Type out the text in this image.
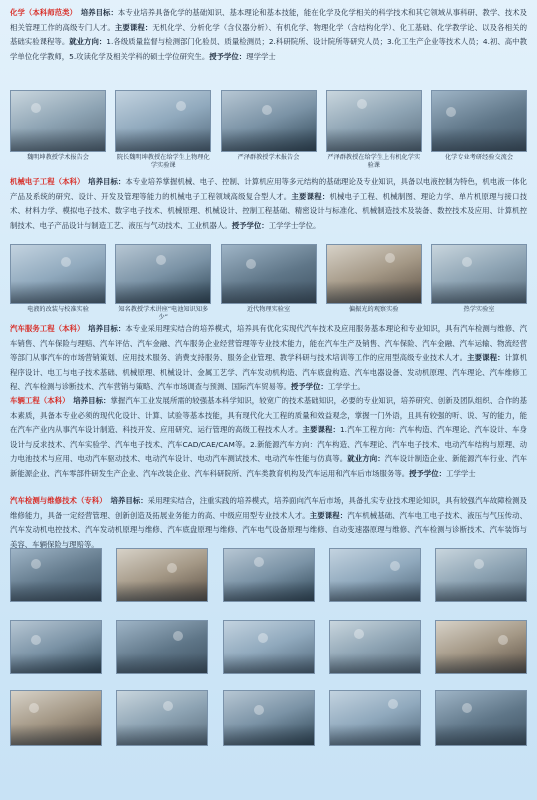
化学（本科师范类）　 培养目标：本专业培养具备化学的基础知识、基本理论和基本技能，能在化学及化学相关的科学技术和其它领域从事科研、教学、技术及相关管理工作的高级专门人才。主要课程：无机化学、分析化学（含仪器分析）、有机化学、物理化学（含结构化学）、化工基础、化学教学论、以及各相关的基础实验课程等。就业方向：1.各级质量监督与检测部门化验员、质量检测员；2.科研院所、设计院所等研究人员；3.化工生产企业等技术人员；4.初、高中教学单位化学教师，5.攻读化学及相关学科的硕士学位研究生。授予学位：理学学士

魏明坤教授学术报告会	院长魏明坤教授在给学生上物理化学实验课
严泽群教授学术报告会	严泽群教授在给学生上有机化学实验课
化学专业考研经验交流会

机械电子工程（本科）　 培养目标：本专业培养掌握机械、电子、控制、计算机应用等多元结构的基础理论及专业知识，具备以电液控制为特色，机电液一体化产品及系统的研究、设计、开发及管理等能力的机械电子工程领域高级复合型人才。主要课程：机械电子工程、机械制图、理论力学、单片机原理与接口技术、材料力学、模拟电子技术、数字电子技术、机械原理、机械设计、控制工程基础、精密设计与标准化、机械制造技术及装备、数控技术及应用、计算机控制技术、电子产品设计与制造工艺、液压与气动技术、工业机器人。授予学位：工学学士学位。

电液的改装与校准实验	知名教授学术讲座“电池知识知多少”
近代物理实验室	偏振光的观察实验	热学实验室

汽车服务工程（本科）　 培养目标：本专业采用理实结合的培养模式，培养具有优化实现代汽车技术及应用服务基本理论和专业知识，具有汽车检测与维修、汽车销售、汽车保险与理赔、汽车评估、汽车金融、汽车服务企业经营管理等专业技术能力，能在汽车生产及销售、汽车保险、汽车金融、汽车运输、物流经营等部门从事汽车的市场营销策划、应用技术服务、消费支持服务、服务企业管理、教学科研与技术培训等工作的应用型高级专业技术人才。主要课程：计算机程序设计、电工与电子技术基础、机械原理、机械设计、金属工艺学、汽车发动机构造、汽车底盘构造、汽车电器设备、发动机原理、汽车理论、汽车维修工程、汽车检测与诊断技术、汽车营销与策略、汽车市场调查与预测、国际汽车贸易等。授予学位：工学学士。

车辆工程（本科）　 培养目标：掌握汽车工业发展所需的较强基本科学知识，较宽广的技术基础知识，必要的专业知识，培养研究、创新及团队组织、合作的基本素质，具备本专业必须的现代化设计、计算、试验等基本技能，具有现代化大工程的质量和效益观念，掌握一门外语，且具有较强的听、说、写的能力，能在汽车产业内从事汽车设计制造、科技开发、应用研究、运行管理的高级工程技术人才。主要课程：1.汽车工程方向：汽车构造、汽车理论、汽车设计、车身设计与反求技术、汽车实验学、汽车电子技术、汽车CAD/CAE/CAM等。2.新能源汽车方向：汽车构造、汽车理论、汽车电子技术、电动汽车结构与原理、动力电池技术与应用、电动汽车驱动技术、电动汽车设计、电动汽车测试技术、电动汽车性能与仿真等。就业方向：汽车设计制造企业、新能源汽车行业、汽车新能源企业、汽车零部件研发生产企业、汽车改装企业、汽车科研院所、汽车类教育机构及汽车运用和汽车后市场服务等。授予学位：工学学士

汽车检测与维修技术（专科）　 培养目标：采用理实结合，注重实践的培养模式，培养面向汽车后市场，具备扎实专业技术理论知识，具有较强汽车故障检测及维修能力，具备一定经营管理、创新创造及拓展业务能力的高、中级应用型专业技术人才。主要课程：汽车机械基础、汽车电工电子技术、液压与气压传动、汽车发动机电控技术、汽车发动机原理与维修、汽车底盘原理与维修、汽车电气设备原理与维修、自动变速器原理与维修、汽车检测与诊断技术、汽车装饰与美容、车辆保险与理赔等。
